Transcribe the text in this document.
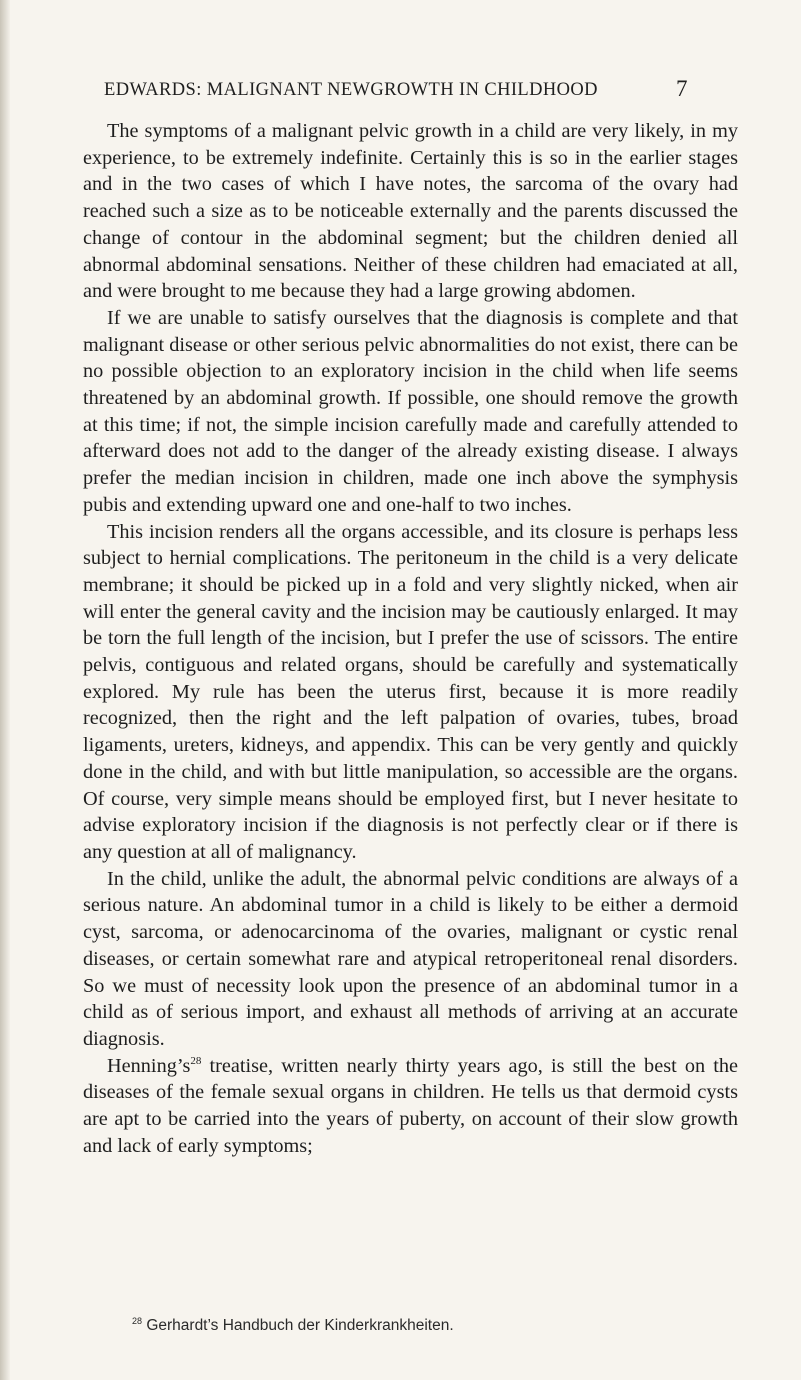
EDWARDS: MALIGNANT NEWGROWTH IN CHILDHOOD	7

The symptoms of a malignant pelvic growth in a child are very likely, in my experience, to be extremely indefinite. Certainly this is so in the earlier stages and in the two cases of which I have notes, the sarcoma of the ovary had reached such a size as to be noticeable externally and the parents discussed the change of contour in the abdominal segment; but the children denied all abnormal abdominal sensations. Neither of these children had emaciated at all, and were brought to me because they had a large growing abdomen.

If we are unable to satisfy ourselves that the diagnosis is complete and that malignant disease or other serious pelvic abnormalities do not exist, there can be no possible objection to an exploratory incision in the child when life seems threatened by an abdominal growth. If possible, one should remove the growth at this time; if not, the simple incision carefully made and carefully attended to afterward does not add to the danger of the already existing disease. I always prefer the median incision in children, made one inch above the symphysis pubis and extending upward one and one-half to two inches.

This incision renders all the organs accessible, and its closure is perhaps less subject to hernial complications. The peritoneum in the child is a very delicate membrane; it should be picked up in a fold and very slightly nicked, when air will enter the general cavity and the incision may be cautiously enlarged. It may be torn the full length of the incision, but I prefer the use of scissors. The entire pelvis, contiguous and related organs, should be carefully and systematically explored. My rule has been the uterus first, because it is more readily recognized, then the right and the left palpation of ovaries, tubes, broad ligaments, ureters, kidneys, and appendix. This can be very gently and quickly done in the child, and with but little manipulation, so accessible are the organs. Of course, very simple means should be employed first, but I never hesitate to advise exploratory incision if the diagnosis is not perfectly clear or if there is any question at all of malignancy.

In the child, unlike the adult, the abnormal pelvic conditions are always of a serious nature. An abdominal tumor in a child is likely to be either a dermoid cyst, sarcoma, or adenocarcinoma of the ovaries, malignant or cystic renal diseases, or certain somewhat rare and atypical retroperitoneal renal disorders. So we must of necessity look upon the presence of an abdominal tumor in a child as of serious import, and exhaust all methods of arriving at an accurate diagnosis.

$Henning’s^{28}$ treatise, written nearly thirty years ago, is still the best on the diseases of the female sexual organs in children. He tells us that dermoid cysts are apt to be carried into the years of puberty, on account of their slow growth and lack of early symptoms;

$^{28}$ Gerhardt’s Handbuch der Kinderkrankheiten.
